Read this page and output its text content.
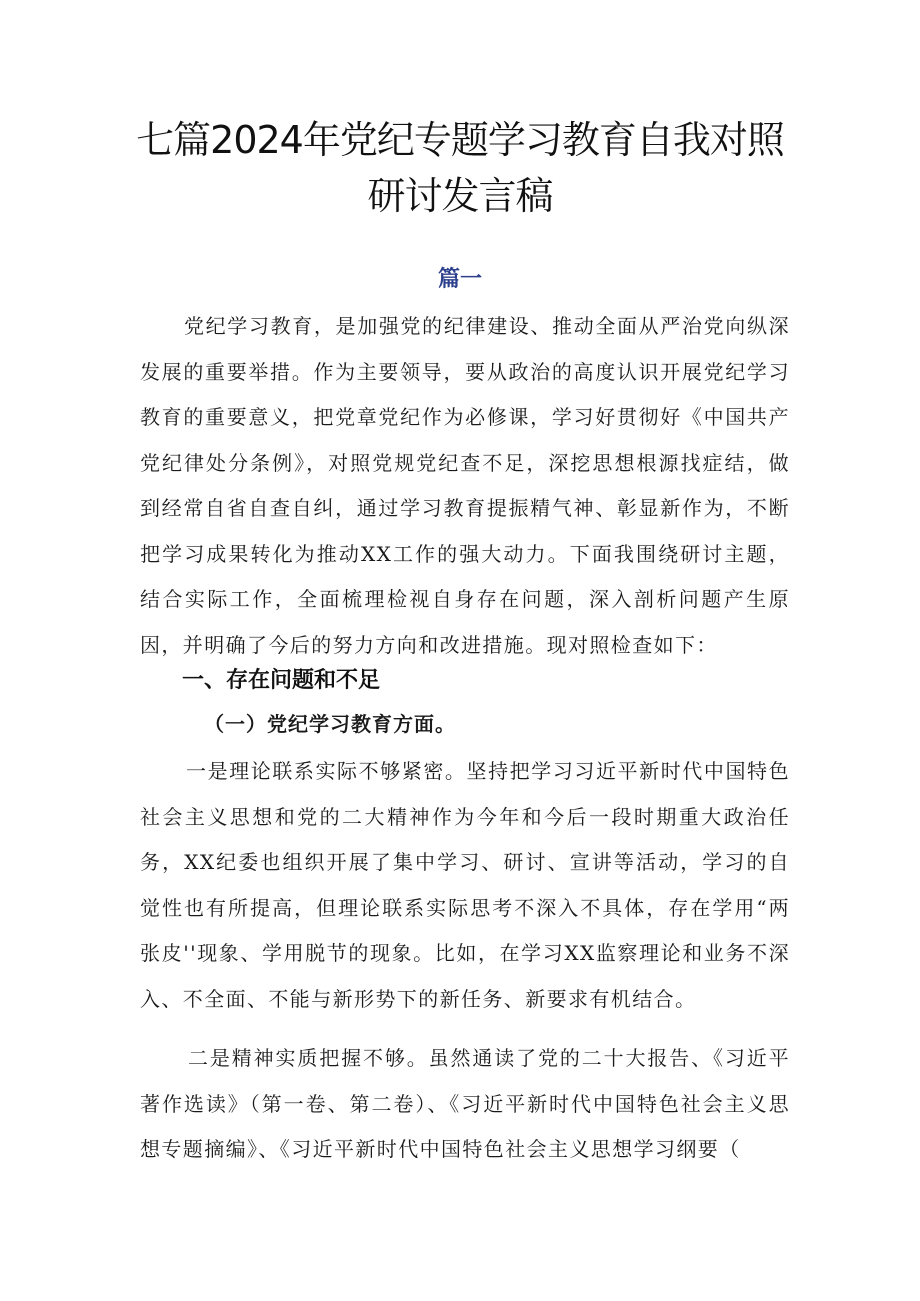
七篇2024年党纪专题学习教育自我对照研讨发言稿
篇一

党纪学习教育，是加强党的纪律建设、推动全面从严治党向纵深发展的重要举措。作为主要领导，要从政治的高度认识开展党纪学习教育的重要意义，把党章党纪作为必修课，学习好贯彻好《中国共产党纪律处分条例》，对照党规党纪查不足，深挖思想根源找症结，做到经常自省自查自纠，通过学习教育提振精气神、彰显新作为，不断把学习成果转化为推动XX工作的强大动力。下面我围绕研讨主题，结合实际工作，全面梳理检视自身存在问题，深入剖析问题产生原因，并明确了今后的努力方向和改进措施。现对照检查如下：

一、存在问题和不足
（一）党纪学习教育方面。

一是理论联系实际不够紧密。坚持把学习习近平新时代中国特色社会主义思想和党的二大精神作为今年和今后一段时期重大政治任务，XX纪委也组织开展了集中学习、研讨、宣讲等活动，学习的自觉性也有所提高，但理论联系实际思考不深入不具体，存在学用“两张皮''现象、学用脱节的现象。比如，在学习XX监察理论和业务不深入、不全面、不能与新形势下的新任务、新要求有机结合。

二是精神实质把握不够。虽然通读了党的二十大报告、《习近平著作选读》（第一卷、第二卷）、《习近平新时代中国特色社会主义思想专题摘编》、《习近平新时代中国特色社会主义思想学习纲要（
